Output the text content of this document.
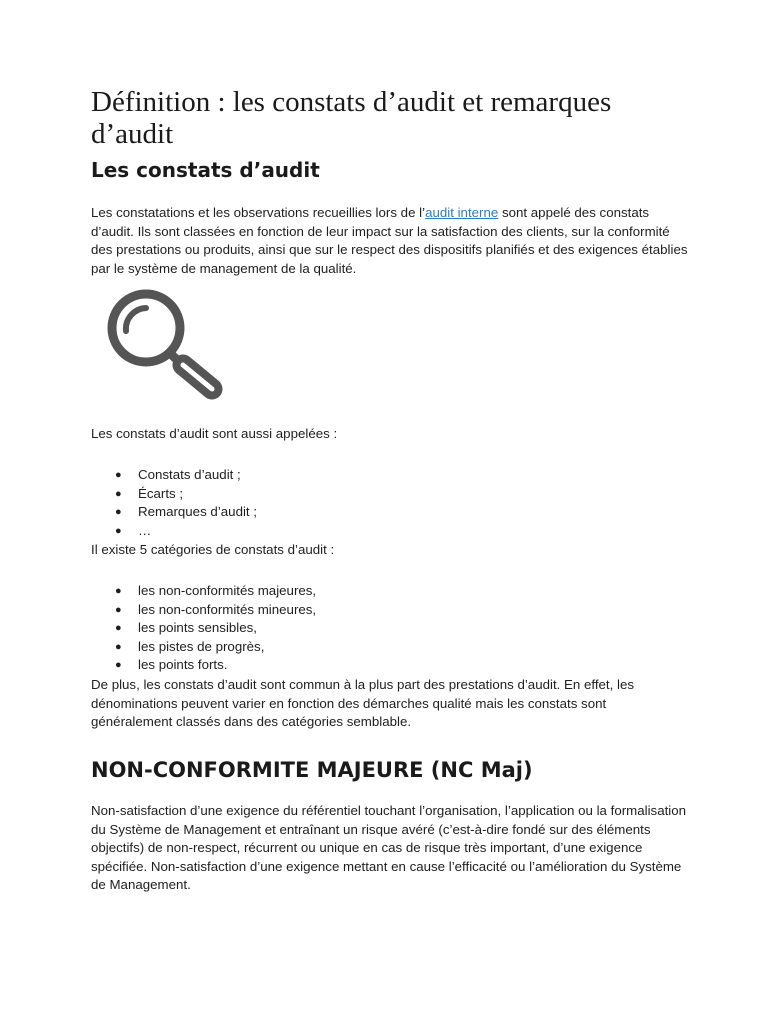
Définition : les constats d’audit et remarques d’audit
Les constats d’audit

Les constatations et les observations recueillies lors de l’audit interne sont appelé des constats d’audit. Ils sont classées en fonction de leur impact sur la satisfaction des clients, sur la conformité des prestations ou produits, ainsi que sur le respect des dispositifs planifiés et des exigences établies par le système de management de la qualité.

Les constats d’audit sont aussi appelées :

● Constats d’audit ;
● Écarts ;
● Remarques d’audit ;
● …

Il existe 5 catégories de constats d’audit :

● les non-conformités majeures,
● les non-conformités mineures,
● les points sensibles,
● les pistes de progrès,
● les points forts.

De plus, les constats d’audit sont commun à la plus part des prestations d’audit. En effet, les dénominations peuvent varier en fonction des démarches qualité mais les constats sont généralement classés dans des catégories semblable.

NON-CONFORMITE MAJEURE (NC Maj)

Non-satisfaction d’une exigence du référentiel touchant l’organisation, l’application ou la formalisation du Système de Management et entraînant un risque avéré (c’est-à-dire fondé sur des éléments objectifs) de non-respect, récurrent ou unique en cas de risque très important, d’une exigence spécifiée. Non-satisfaction d’une exigence mettant en cause l’efficacité ou l’amélioration du Système de Management.
